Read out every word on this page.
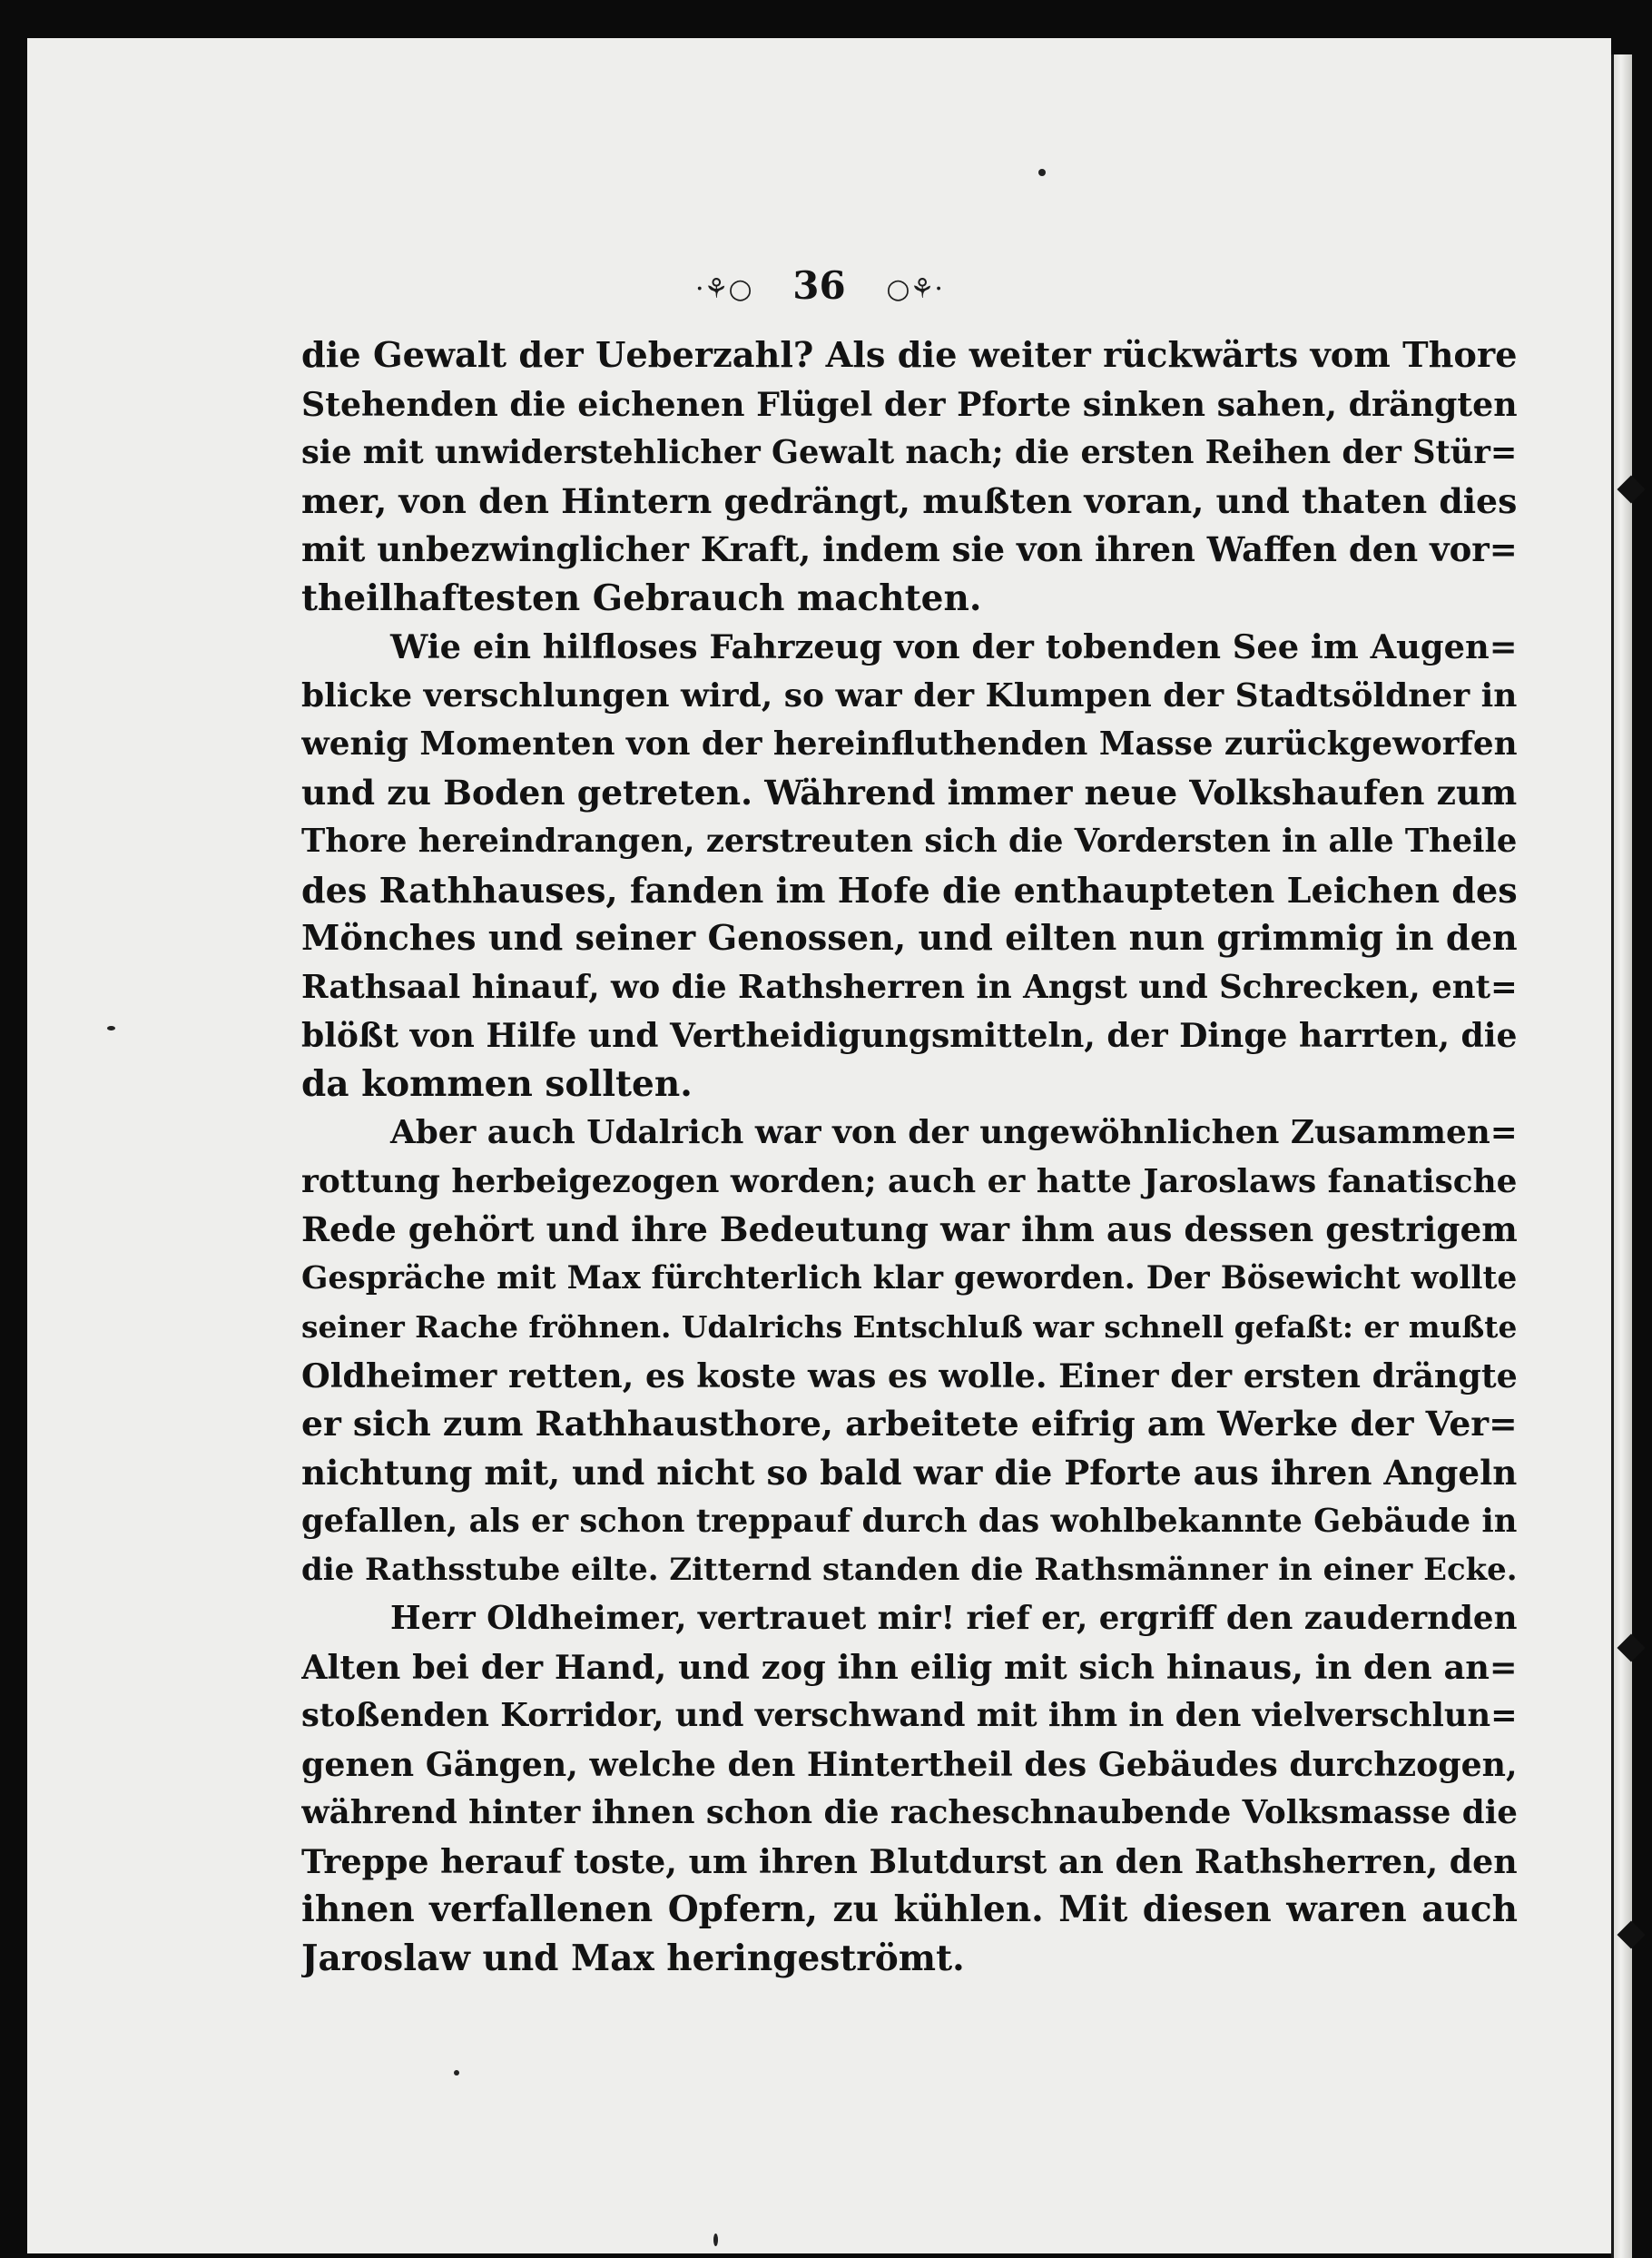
·⚘○ 36 ○⚘·
die Gewalt der Ueberzahl? Als die weiter rückwärts vom Thore
Stehenden die eichenen Flügel der Pforte sinken sahen, drängten
sie mit unwiderstehlicher Gewalt nach; die ersten Reihen der Stür=
mer, von den Hintern gedrängt, mußten voran, und thaten dies
mit unbezwinglicher Kraft, indem sie von ihren Waffen den vor=
theilhaftesten Gebrauch machten.
Wie ein hilfloses Fahrzeug von der tobenden See im Augen=
blicke verschlungen wird, so war der Klumpen der Stadtsöldner in
wenig Momenten von der hereinfluthenden Masse zurückgeworfen
und zu Boden getreten. Während immer neue Volkshaufen zum
Thore hereindrangen, zerstreuten sich die Vordersten in alle Theile
des Rathhauses, fanden im Hofe die enthaupteten Leichen des
Mönches und seiner Genossen, und eilten nun grimmig in den
Rathsaal hinauf, wo die Rathsherren in Angst und Schrecken, ent=
blößt von Hilfe und Vertheidigungsmitteln, der Dinge harrten, die
da kommen sollten.
Aber auch Udalrich war von der ungewöhnlichen Zusammen=
rottung herbeigezogen worden; auch er hatte Jaroslaws fanatische
Rede gehört und ihre Bedeutung war ihm aus dessen gestrigem
Gespräche mit Max fürchterlich klar geworden. Der Bösewicht wollte
seiner Rache fröhnen. Udalrichs Entschluß war schnell gefaßt: er mußte
Oldheimer retten, es koste was es wolle. Einer der ersten drängte
er sich zum Rathhausthore, arbeitete eifrig am Werke der Ver=
nichtung mit, und nicht so bald war die Pforte aus ihren Angeln
gefallen, als er schon treppauf durch das wohlbekannte Gebäude in
die Rathsstube eilte. Zitternd standen die Rathsmänner in einer Ecke.
Herr Oldheimer, vertrauet mir! rief er, ergriff den zaudernden
Alten bei der Hand, und zog ihn eilig mit sich hinaus, in den an=
stoßenden Korridor, und verschwand mit ihm in den vielverschlun=
genen Gängen, welche den Hintertheil des Gebäudes durchzogen,
während hinter ihnen schon die racheschnaubende Volksmasse die
Treppe herauf toste, um ihren Blutdurst an den Rathsherren, den
ihnen verfallenen Opfern, zu kühlen. Mit diesen waren auch
Jaroslaw und Max heringeströmt.
